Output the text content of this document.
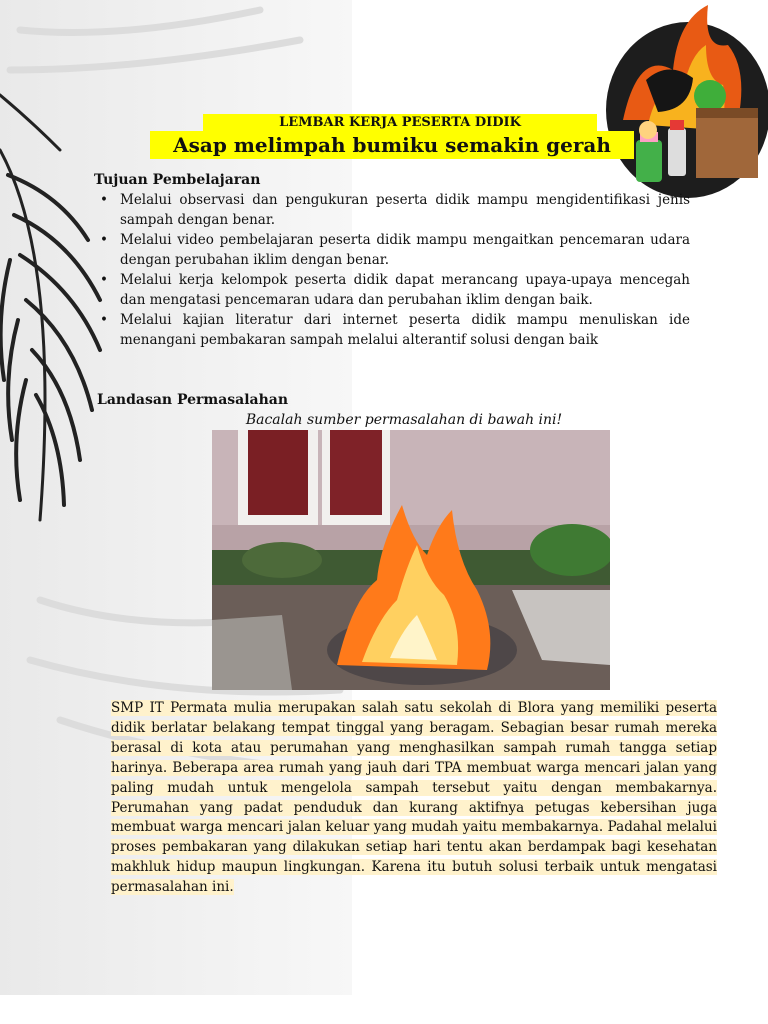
LEMBAR KERJA PESERTA DIDIK
Asap melimpah bumiku semakin gerah
Tujuan Pembelajaran
• Melalui observasi dan pengukuran peserta didik mampu mengidentifikasi jenis sampah dengan benar.
• Melalui video pembelajaran peserta didik mampu mengaitkan pencemaran udara dengan perubahan iklim dengan benar.
• Melalui kerja kelompok peserta didik dapat merancang upaya-upaya mencegah dan mengatasi pencemaran udara dan perubahan iklim dengan baik.
• Melalui kajian literatur dari internet peserta didik mampu menuliskan ide menangani pembakaran sampah melalui alterantif solusi dengan baik
Landasan Permasalahan
Bacalah sumber permasalahan di bawah ini!
SMP IT Permata mulia merupakan salah satu sekolah di Blora yang memiliki peserta didik berlatar belakang tempat tinggal yang beragam. Sebagian besar rumah mereka berasal di kota atau perumahan yang menghasilkan sampah rumah tangga setiap harinya. Beberapa area rumah yang jauh dari TPA membuat warga mencari jalan yang paling mudah untuk mengelola sampah tersebut yaitu dengan membakarnya. Perumahan yang padat penduduk dan kurang aktifnya petugas kebersihan juga membuat warga mencari jalan keluar yang mudah yaitu membakarnya. Padahal melalui proses pembakaran yang dilakukan setiap hari tentu akan berdampak bagi kesehatan makhluk hidup maupun lingkungan. Karena itu butuh solusi terbaik untuk mengatasi permasalahan ini.
